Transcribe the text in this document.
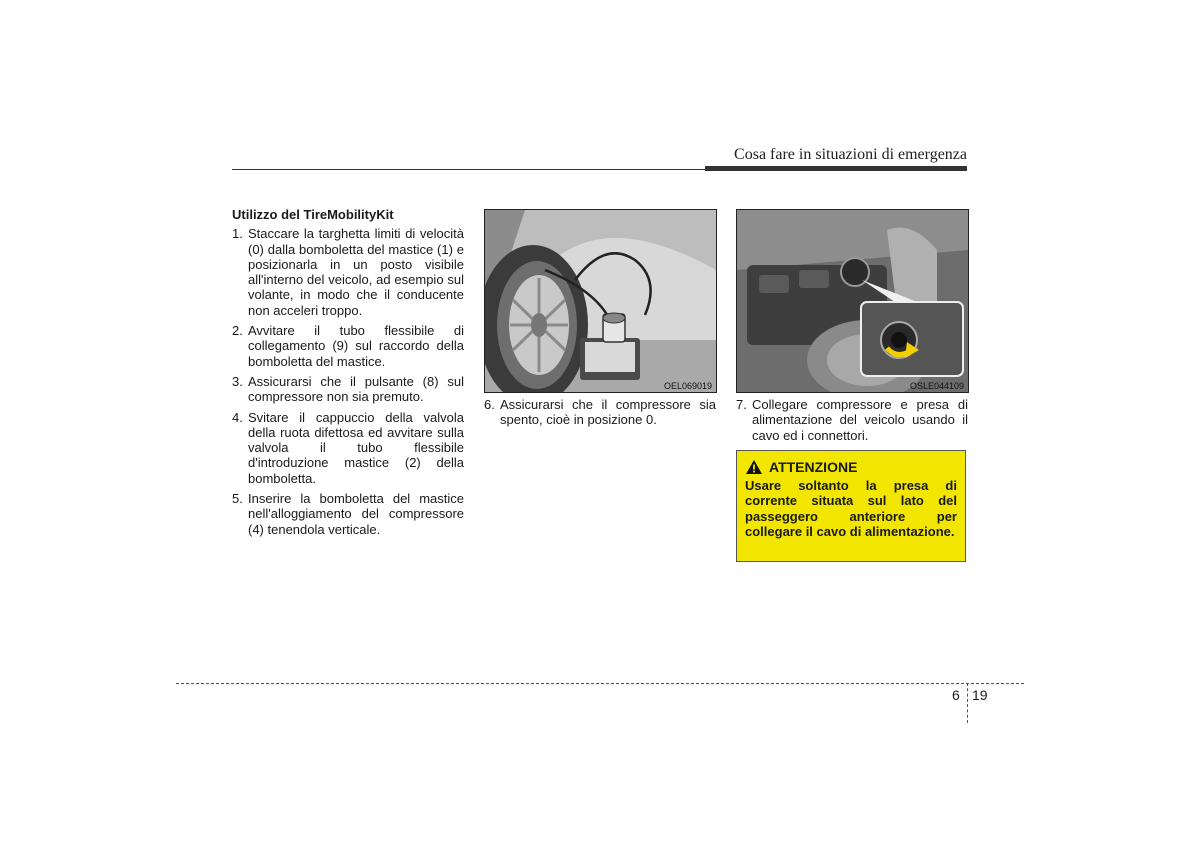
Cosa fare in situazioni di emergenza
Utilizzo del TireMobilityKit
1. Staccare la targhetta limiti di velocità (0) dalla bomboletta del mastice (1) e posizionarla in un posto visibile all'interno del veicolo, ad esempio sul volante, in modo che il conducente non acceleri troppo.
2. Avvitare il tubo flessibile di collegamento (9) sul raccordo della bomboletta del mastice.
3. Assicurarsi che il pulsante (8) sul compressore non sia premuto.
4. Svitare il cappuccio della valvola della ruota difettosa ed avvitare sulla valvola il tubo flessibile d'introduzione mastice (2) della bomboletta.
5. Inserire la bomboletta del mastice nell'alloggiamento del compressore (4) tenendola verticale.
OEL069019
6. Assicurarsi che il compressore sia spento, cioè in posizione 0.
OSLE044109
7. Collegare compressore e presa di alimentazione del veicolo usando il cavo ed i connettori.
ATTENZIONE
Usare soltanto la presa di corrente situata sul lato del passeggero anteriore per collegare il cavo di alimentazione.
6 19
